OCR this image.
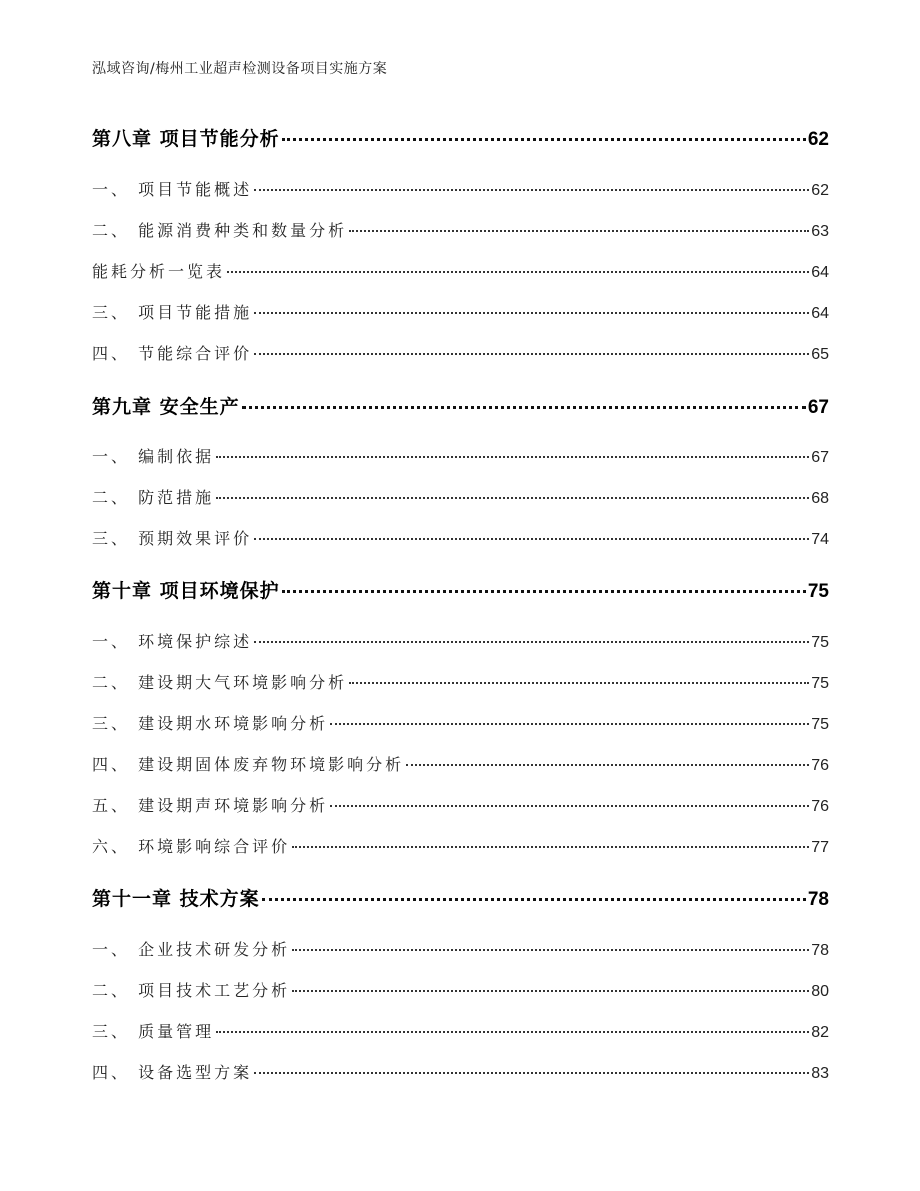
泓域咨询/梅州工业超声检测设备项目实施方案
第八章 项目节能分析	62
一、 项目节能概述	62
二、 能源消费种类和数量分析	63
能耗分析一览表	64
三、 项目节能措施	64
四、 节能综合评价	65
第九章 安全生产	67
一、 编制依据	67
二、 防范措施	68
三、 预期效果评价	74
第十章 项目环境保护	75
一、 环境保护综述	75
二、 建设期大气环境影响分析	75
三、 建设期水环境影响分析	75
四、 建设期固体废弃物环境影响分析	76
五、 建设期声环境影响分析	76
六、 环境影响综合评价	77
第十一章 技术方案	78
一、 企业技术研发分析	78
二、 项目技术工艺分析	80
三、 质量管理	82
四、 设备选型方案	83
